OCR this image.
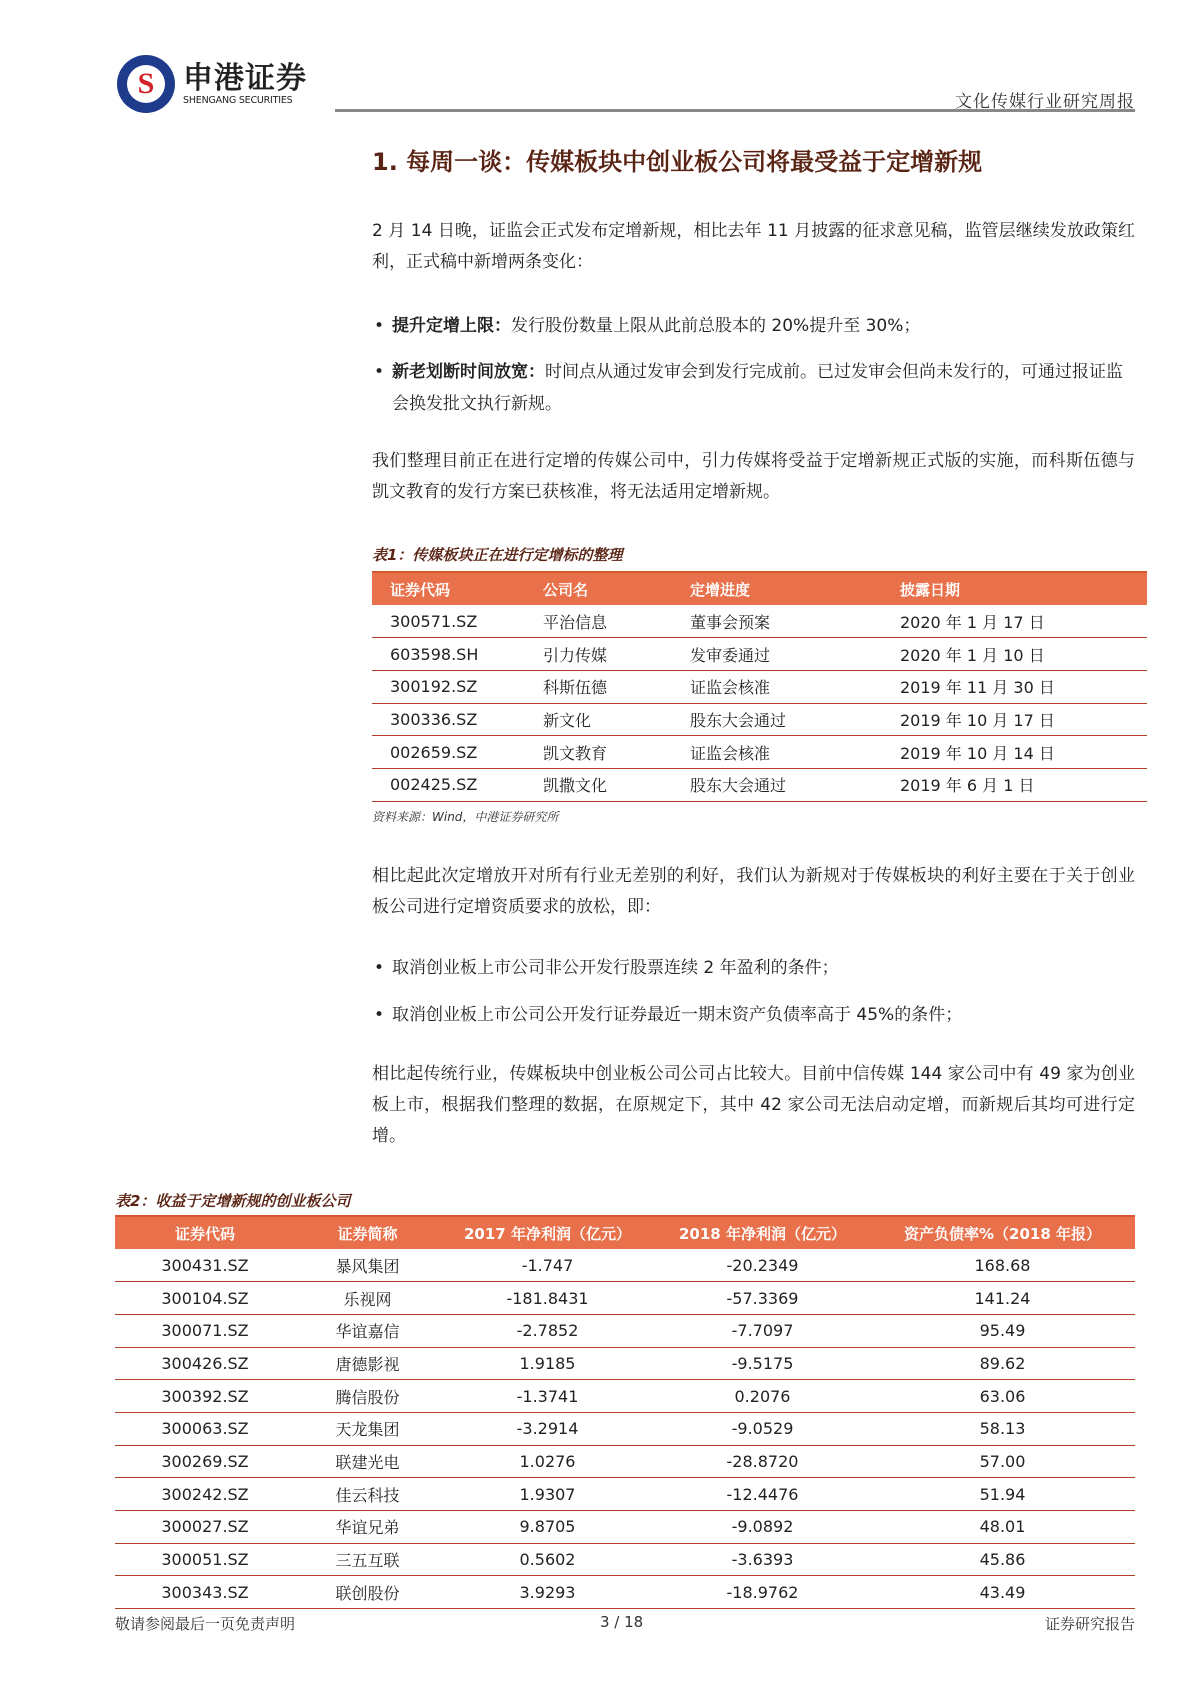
S 申港证券
SHENGANG SECURITIES	文化传媒行业研究周报
1. 每周一谈：传媒板块中创业板公司将最受益于定增新规
2 月 14 日晚，证监会正式发布定增新规，相比去年 11 月披露的征求意见稿，监管层继续发放政策红利，正式稿中新增两条变化：
• 提升定增上限：发行股份数量上限从此前总股本的 20%提升至 30%；
• 新老划断时间放宽：时间点从通过发审会到发行完成前。已过发审会但尚未发行的，可通过报证监会换发批文执行新规。
我们整理目前正在进行定增的传媒公司中，引力传媒将受益于定增新规正式版的实施，而科斯伍德与凯文教育的发行方案已获核准，将无法适用定增新规。
表1：传媒板块正在进行定增标的整理
证券代码	公司名	定增进度	披露日期
300571.SZ	平治信息	董事会预案	2020 年 1 月 17 日
603598.SH	引力传媒	发审委通过	2020 年 1 月 10 日
300192.SZ	科斯伍德	证监会核准	2019 年 11 月 30 日
300336.SZ	新文化	股东大会通过	2019 年 10 月 17 日
002659.SZ	凯文教育	证监会核准	2019 年 10 月 14 日
002425.SZ	凯撒文化	股东大会通过	2019 年 6 月 1 日
资料来源：Wind，中港证券研究所
相比起此次定增放开对所有行业无差别的利好，我们认为新规对于传媒板块的利好主要在于关于创业板公司进行定增资质要求的放松，即：
• 取消创业板上市公司非公开发行股票连续 2 年盈利的条件；
• 取消创业板上市公司公开发行证券最近一期末资产负债率高于 45%的条件；
相比起传统行业，传媒板块中创业板公司公司占比较大。目前中信传媒 144 家公司中有 49 家为创业板上市，根据我们整理的数据，在原规定下，其中 42 家公司无法启动定增，而新规后其均可进行定增。
表2：收益于定增新规的创业板公司
证券代码	证券简称	2017 年净利润（亿元）	2018 年净利润（亿元）	资产负债率%（2018 年报）
300431.SZ	暴风集团	-1.747	-20.2349	168.68
300104.SZ	乐视网	-181.8431	-57.3369	141.24
300071.SZ	华谊嘉信	-2.7852	-7.7097	95.49
300426.SZ	唐德影视	1.9185	-9.5175	89.62
300392.SZ	腾信股份	-1.3741	0.2076	63.06
300063.SZ	天龙集团	-3.2914	-9.0529	58.13
300269.SZ	联建光电	1.0276	-28.8720	57.00
300242.SZ	佳云科技	1.9307	-12.4476	51.94
300027.SZ	华谊兄弟	9.8705	-9.0892	48.01
300051.SZ	三五互联	0.5602	-3.6393	45.86
300343.SZ	联创股份	3.9293	-18.9762	43.49
敬请参阅最后一页免责声明	3 / 18	证券研究报告
